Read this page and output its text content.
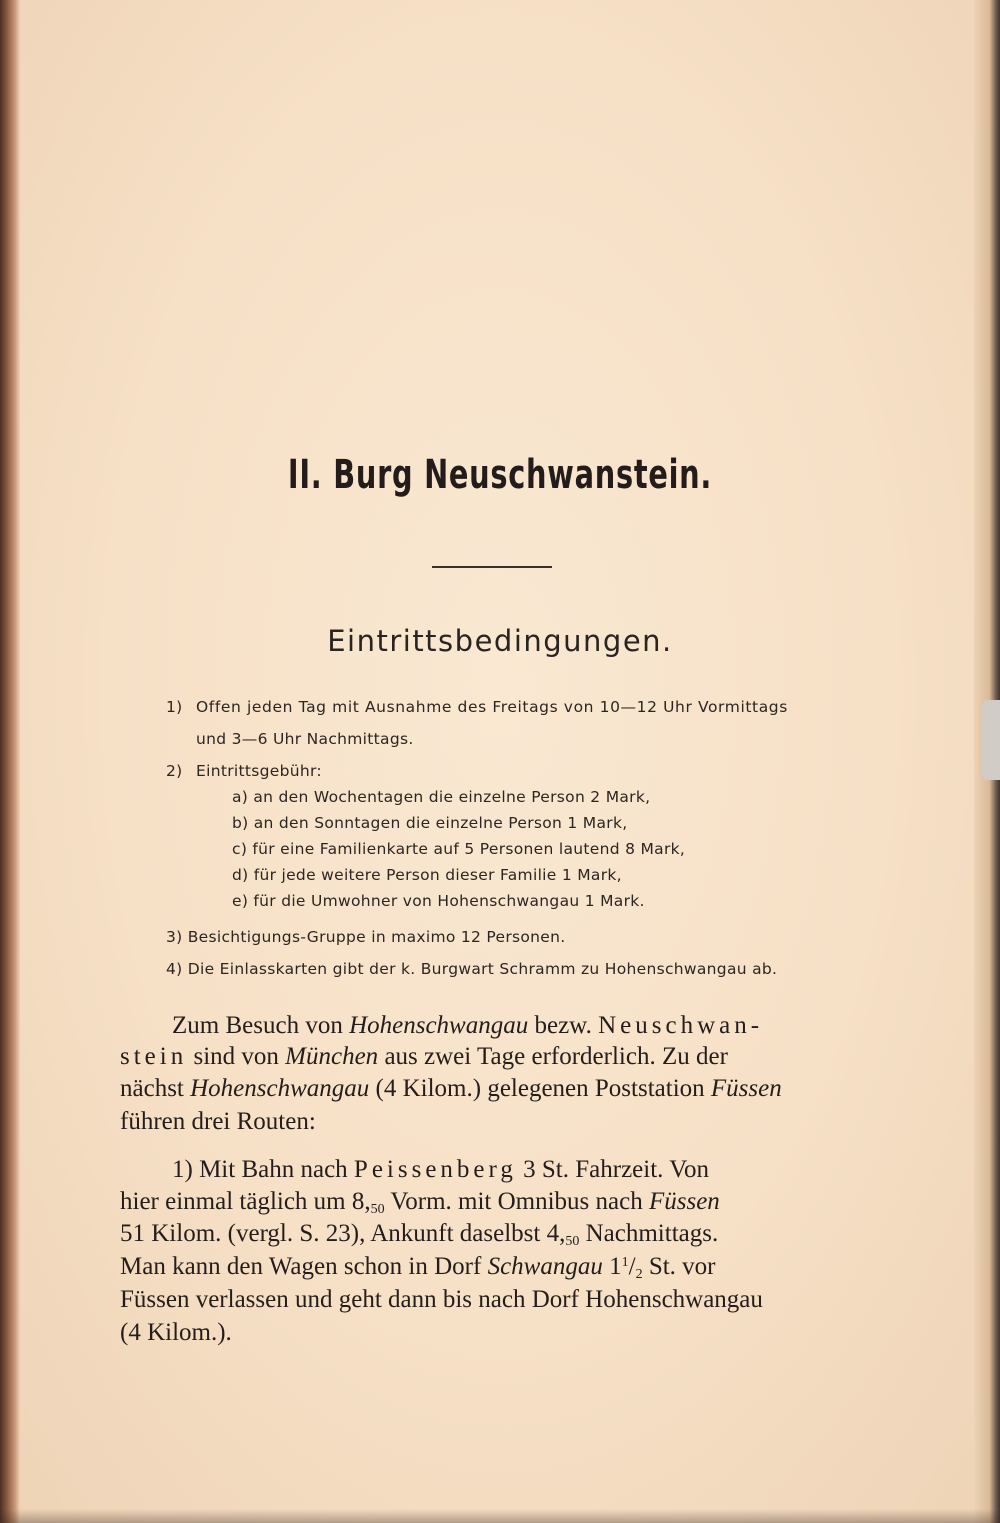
II. Burg Neuschwanstein.
Eintrittsbedingungen.
1) Offen jeden Tag mit Ausnahme des Freitags von 10—12 Uhr Vormittags
und 3—6 Uhr Nachmittags.
2) Eintrittsgebühr:
a) an den Wochentagen die einzelne Person 2 Mark,
b) an den Sonntagen die einzelne Person 1 Mark,
c) für eine Familienkarte auf 5 Personen lautend 8 Mark,
d) für jede weitere Person dieser Familie 1 Mark,
e) für die Umwohner von Hohenschwangau 1 Mark.
3) Besichtigungs-Gruppe in maximo 12 Personen.
4) Die Einlasskarten gibt der k. Burgwart Schramm zu Hohenschwangau ab.
Zum Besuch von Hohenschwangau bezw. Neuschwan-
stein sind von München aus zwei Tage erforderlich. Zu der
nächst Hohenschwangau (4 Kilom.) gelegenen Poststation Füssen
führen drei Routen:
1) Mit Bahn nach Peissenberg 3 St. Fahrzeit. Von
hier einmal täglich um $8,_{50}$ Vorm. mit Omnibus nach Füssen
51 Kilom. (vergl. S. 23), Ankunft daselbst $4,_{50}$ Nachmittags.
Man kann den Wagen schon in Dorf Schwangau $1^1/_2$ St. vor
Füssen verlassen und geht dann bis nach Dorf Hohenschwangau
(4 Kilom.).
